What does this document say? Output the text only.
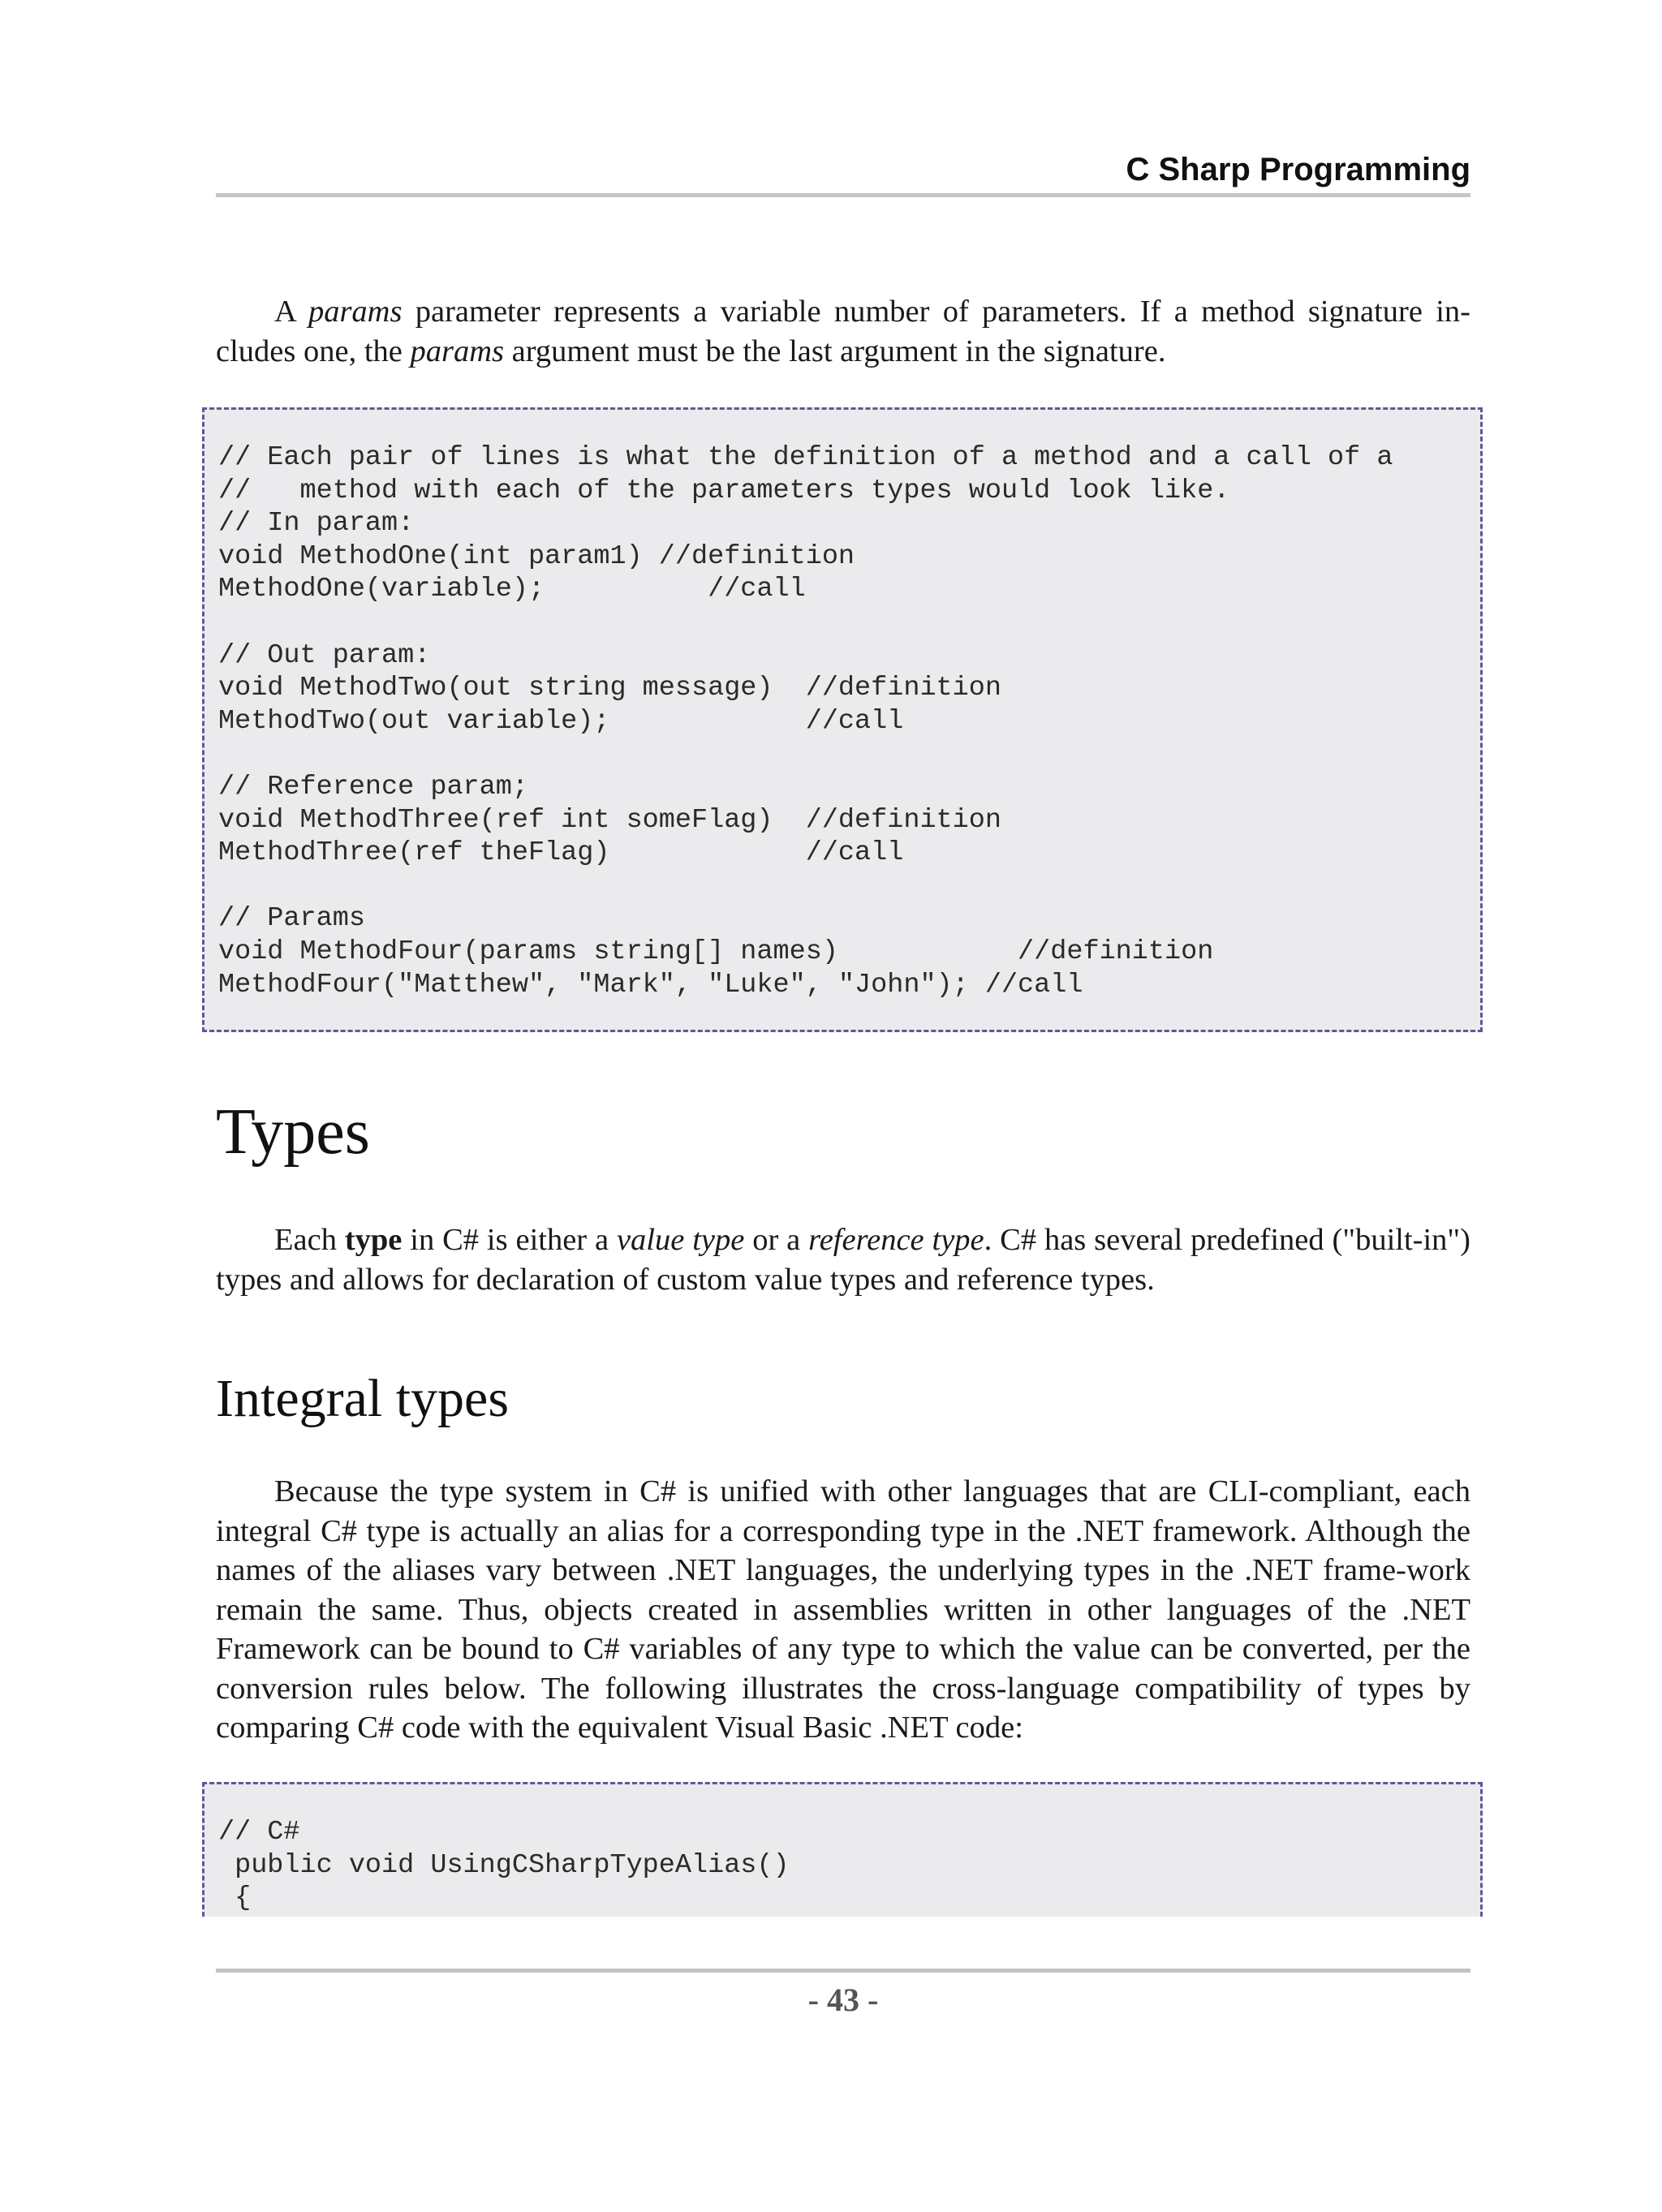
C Sharp Programming

A params parameter represents a variable number of parameters. If a method signature in-cludes one, the params argument must be the last argument in the signature.

// Each pair of lines is what the definition of a method and a call of a
//   method with each of the parameters types would look like.
// In param:
void MethodOne(int param1) //definition
MethodOne(variable);          //call

// Out param:
void MethodTwo(out string message)  //definition
MethodTwo(out variable);            //call

// Reference param;
void MethodThree(ref int someFlag)  //definition
MethodThree(ref theFlag)            //call

// Params
void MethodFour(params string[] names)           //definition
MethodFour("Matthew", "Mark", "Luke", "John"); //call
Types

Each type in C# is either a value type or a reference type. C# has several predefined ("built-in") types and allows for declaration of custom value types and reference types.

Integral types

Because the type system in C# is unified with other languages that are CLI-compliant, each integral C# type is actually an alias for a corresponding type in the .NET framework. Although the names of the aliases vary between .NET languages, the underlying types in the .NET frame-work remain the same. Thus, objects created in assemblies written in other languages of the .NET Framework can be bound to C# variables of any type to which the value can be converted, per the conversion rules below. The following illustrates the cross-language compatibility of types by comparing C# code with the equivalent Visual Basic .NET code:

// C#
public void UsingCSharpTypeAlias()
{
- 43 -
